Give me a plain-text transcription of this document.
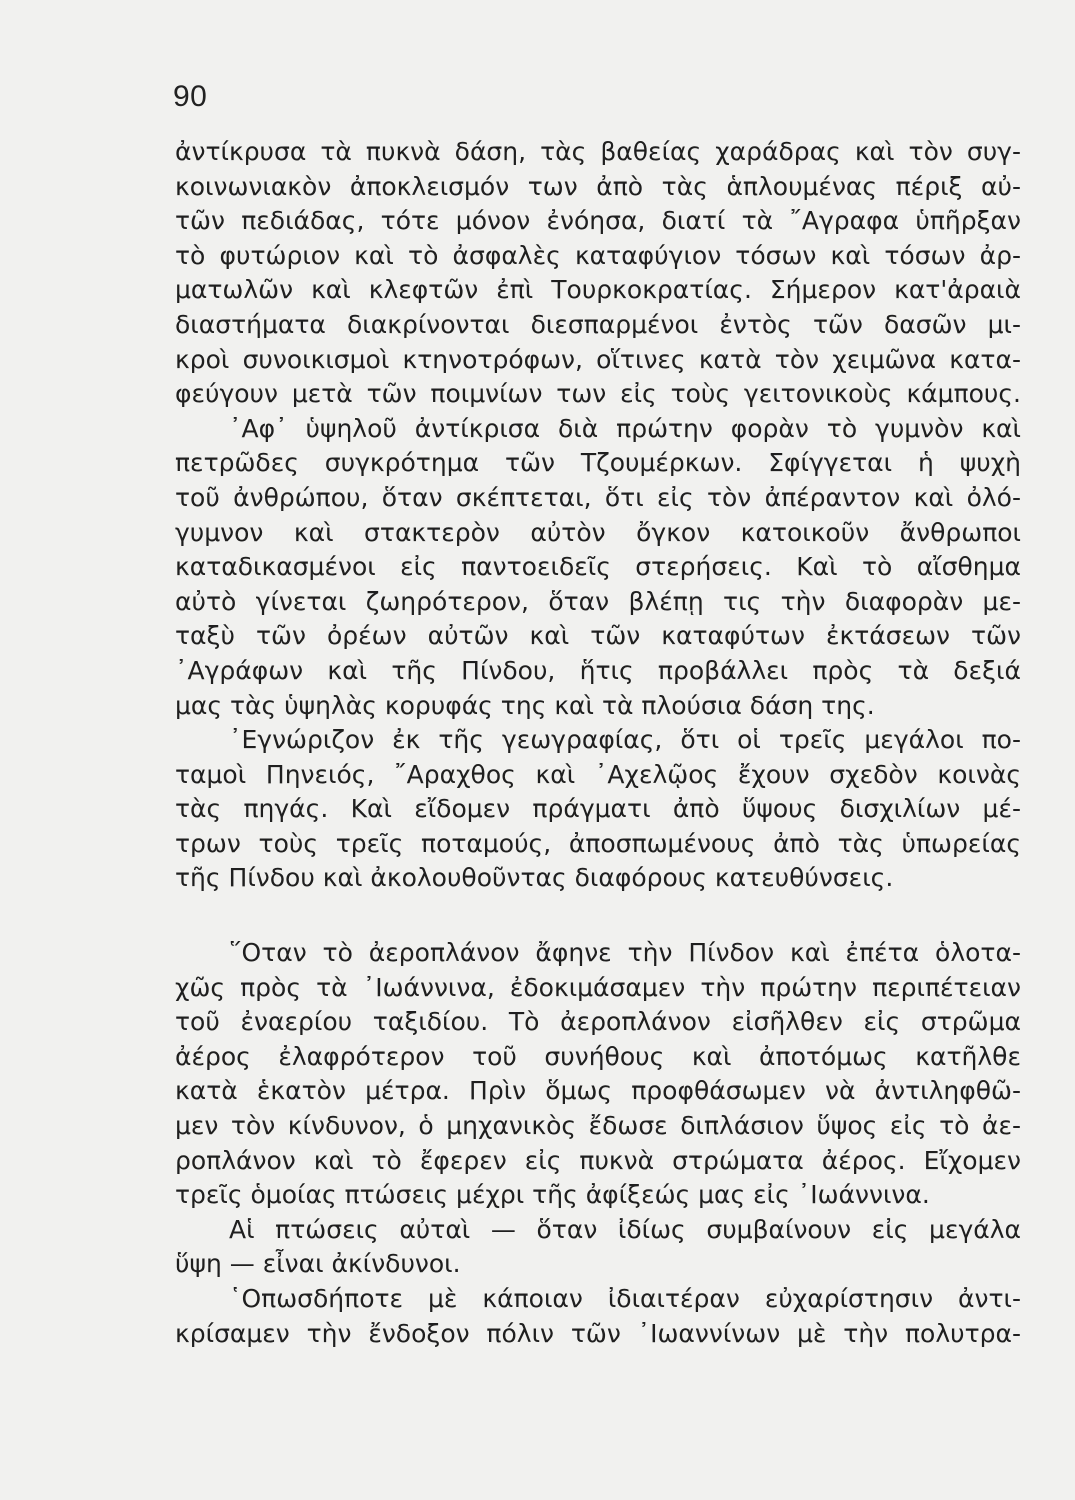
90
ἀντίκρυσα τὰ πυκνὰ δάση, τὰς βαθείας χαράδρας καὶ τὸν συγ-
κοινωνιακὸν ἀποκλεισμόν των ἀπὸ τὰς ἁπλουμένας πέριξ αὐ-
τῶν πεδιάδας, τότε μόνον ἐνόησα, διατί τὰ ῎Αγραφα ὑπῆρξαν
τὸ φυτώριον καὶ τὸ ἀσφαλὲς καταφύγιον τόσων καὶ τόσων ἀρ-
ματωλῶν καὶ κλεφτῶν ἐπὶ Τουρκοκρατίας. Σήμερον κατ'ἀραιὰ
διαστήματα διακρίνονται διεσπαρμένοι ἐντὸς τῶν δασῶν μι-
κροὶ συνοικισμοὶ κτηνοτρόφων, οἵτινες κατὰ τὸν χειμῶνα κατα-
φεύγουν μετὰ τῶν ποιμνίων των εἰς τοὺς γειτονικοὺς κάμπους.
᾿Αφ᾽ ὑψηλοῦ ἀντίκρισα διὰ πρώτην φορὰν τὸ γυμνὸν καὶ
πετρῶδες συγκρότημα τῶν Τζουμέρκων. Σφίγγεται ἡ ψυχὴ
τοῦ ἀνθρώπου, ὅταν σκέπτεται, ὅτι εἰς τὸν ἀπέραντον καὶ ὀλό-
γυμνον καὶ στακτερὸν αὐτὸν ὄγκον κατοικοῦν ἄνθρωποι
καταδικασμένοι εἰς παντοειδεῖς στερήσεις. Καὶ τὸ αἴσθημα
αὐτὸ γίνεται ζωηρότερον, ὅταν βλέπῃ τις τὴν διαφορὰν με-
ταξὺ τῶν ὀρέων αὐτῶν καὶ τῶν καταφύτων ἐκτάσεων τῶν
᾿Αγράφων καὶ τῆς Πίνδου, ἥτις προβάλλει πρὸς τὰ δεξιά
μας τὰς ὑψηλὰς κορυφάς της καὶ τὰ πλούσια δάση της.
᾿Εγνώριζον ἐκ τῆς γεωγραφίας, ὅτι οἱ τρεῖς μεγάλοι πο-
ταμοὶ Πηνειός, ῎Αραχθος καὶ ᾿Αχελῷος ἔχουν σχεδὸν κοινὰς
τὰς πηγάς. Καὶ εἴδομεν πράγματι ἀπὸ ὕψους δισχιλίων μέ-
τρων τοὺς τρεῖς ποταμούς, ἀποσπωμένους ἀπὸ τὰς ὑπωρείας
τῆς Πίνδου καὶ ἀκολουθοῦντας διαφόρους κατευθύνσεις.
῞Οταν τὸ ἀεροπλάνον ἄφηνε τὴν Πίνδον καὶ ἐπέτα ὁλοτα-
χῶς πρὸς τὰ ᾿Ιωάννινα, ἐδοκιμάσαμεν τὴν πρώτην περιπέτειαν
τοῦ ἐναερίου ταξιδίου. Τὸ ἀεροπλάνον εἰσῆλθεν εἰς στρῶμα
ἀέρος ἐλαφρότερον τοῦ συνήθους καὶ ἀποτόμως κατῆλθε
κατὰ ἑκατὸν μέτρα. Πρὶν ὅμως προφθάσωμεν νὰ ἀντιληφθῶ-
μεν τὸν κίνδυνον, ὁ μηχανικὸς ἔδωσε διπλάσιον ὕψος εἰς τὸ ἀε-
ροπλάνον καὶ τὸ ἔφερεν εἰς πυκνὰ στρώματα ἀέρος. Εἴχομεν
τρεῖς ὁμοίας πτώσεις μέχρι τῆς ἀφίξεώς μας εἰς ᾿Ιωάννινα.
Αἱ πτώσεις αὐταὶ — ὅταν ἰδίως συμβαίνουν εἰς μεγάλα
ὕψη — εἶναι ἀκίνδυνοι.
῾Οπωσδήποτε μὲ κάποιαν ἰδιαιτέραν εὐχαρίστησιν ἀντι-
κρίσαμεν τὴν ἔνδοξον πόλιν τῶν ᾿Ιωαννίνων μὲ τὴν πολυτρα-
